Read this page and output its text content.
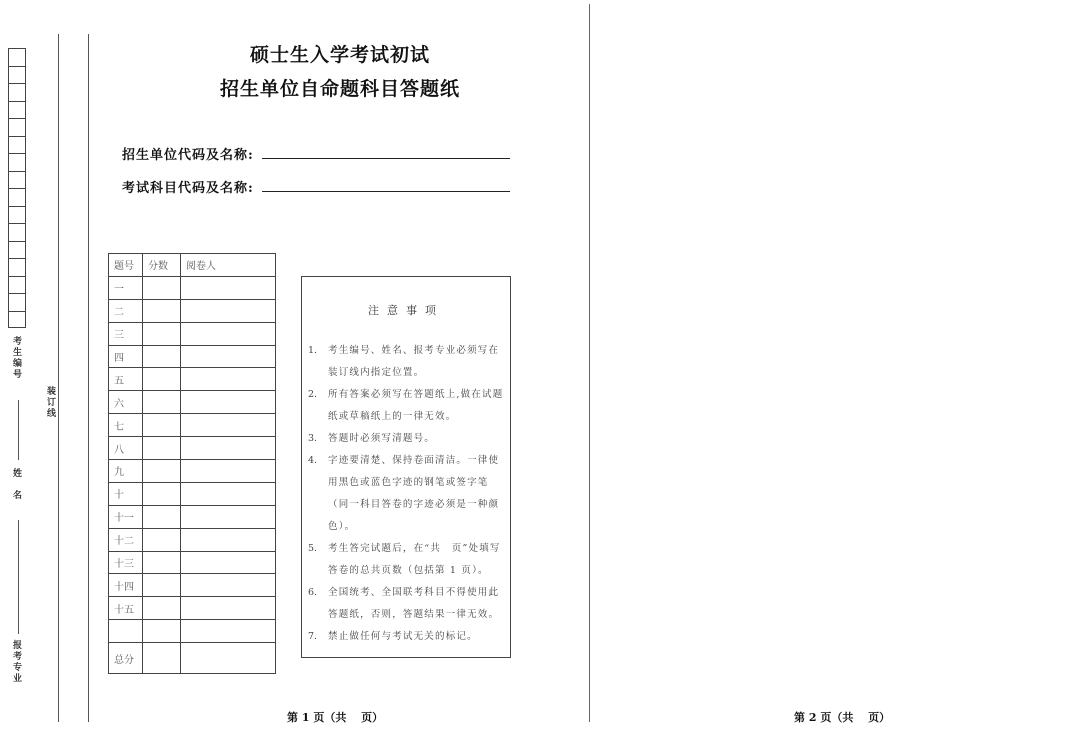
考生编号
姓　名
报考专业
装订线
硕士生入学考试初试
招生单位自命题科目答题纸
招生单位代码及名称:
考试科目代码及名称:
题号	分数	阅卷人
一		
二		
三		
四		
五		
六		
七		
八		
九		
十		
十一		
十二		
十三		
十四		
十五		

总分		
注意事项
1.	考生编号、姓名、报考专业必须写在装订线内指定位置。
2.	所有答案必须写在答题纸上,做在试题纸或草稿纸上的一律无效。
3.	答题时必须写清题号。
4.	字迹要清楚、保持卷面清洁。一律使用黑色或蓝色字迹的钢笔或签字笔（同一科目答卷的字迹必须是一种颜色）。
5.	考生答完试题后，在“共　页”处填写答卷的总共页数（包括第 1 页）。
6.	全国统考、全国联考科目不得使用此答题纸，否则，答题结果一律无效。
7.	禁止做任何与考试无关的标记。
第 1 页（共　 页）	第 2 页（共　 页）
